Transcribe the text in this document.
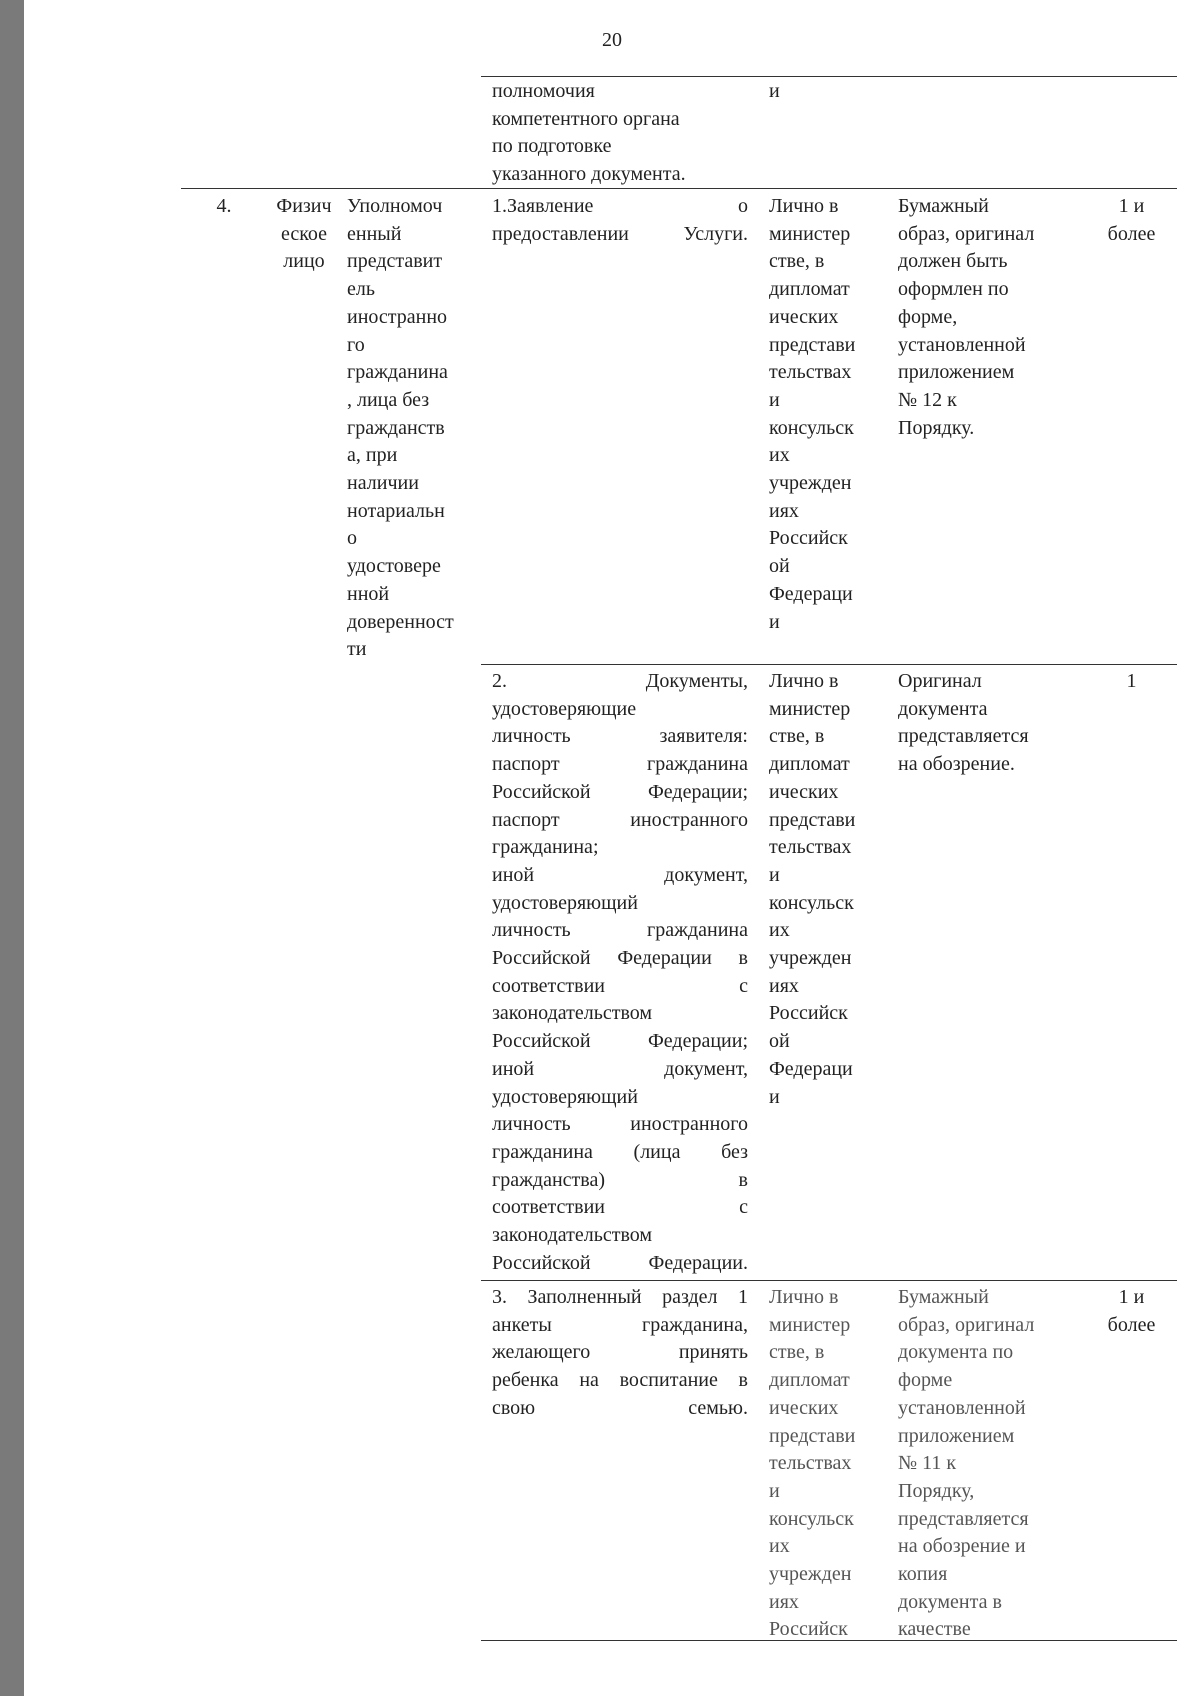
20
полномочия
компетентного органа
по подготовке
указанного документа.
и
4.	Физич
еское
лицо
Уполномоч
енный
представит
ель
иностранно
го
гражданина
, лица без
гражданств
а, при
наличии
нотариальн
о
удостовере
нной
доверенност
ти
1.Заявление о
предоставлении Услуги.
Лично в
министер
стве, в
дипломат
ических
представи
тельствах
и
консульск
их
учрежден
иях
Российск
ой
Федераци
и
Бумажный
образ, оригинал
должен быть
оформлен по
форме,
установленной
приложением
№ 12 к
Порядку.
1 и
более
2. Документы,
удостоверяющие
личность заявителя:
паспорт гражданина
Российской Федерации;
паспорт иностранного
гражданина;
иной документ,
удостоверяющий
личность гражданина
Российской Федерации в
соответствии с
законодательством
Российской Федерации;
иной документ,
удостоверяющий
личность иностранного
гражданина (лица без
гражданства) в
соответствии с
законодательством
Российской Федерации.
Лично в
министер
стве, в
дипломат
ических
представи
тельствах
и
консульск
их
учрежден
иях
Российск
ой
Федераци
и
Оригинал
документа
представляется
на обозрение.
1
3. Заполненный раздел 1
анкеты гражданина,
желающего принять
ребенка на воспитание в
свою семью.
Лично в
министер
стве, в
дипломат
ических
представи
тельствах
и
консульск
их
учрежден
иях
Российск
Бумажный
образ, оригинал
документа по
форме
установленной
приложением
№ 11 к
Порядку,
представляется
на обозрение и
копия
документа в
качестве
1 и
более
